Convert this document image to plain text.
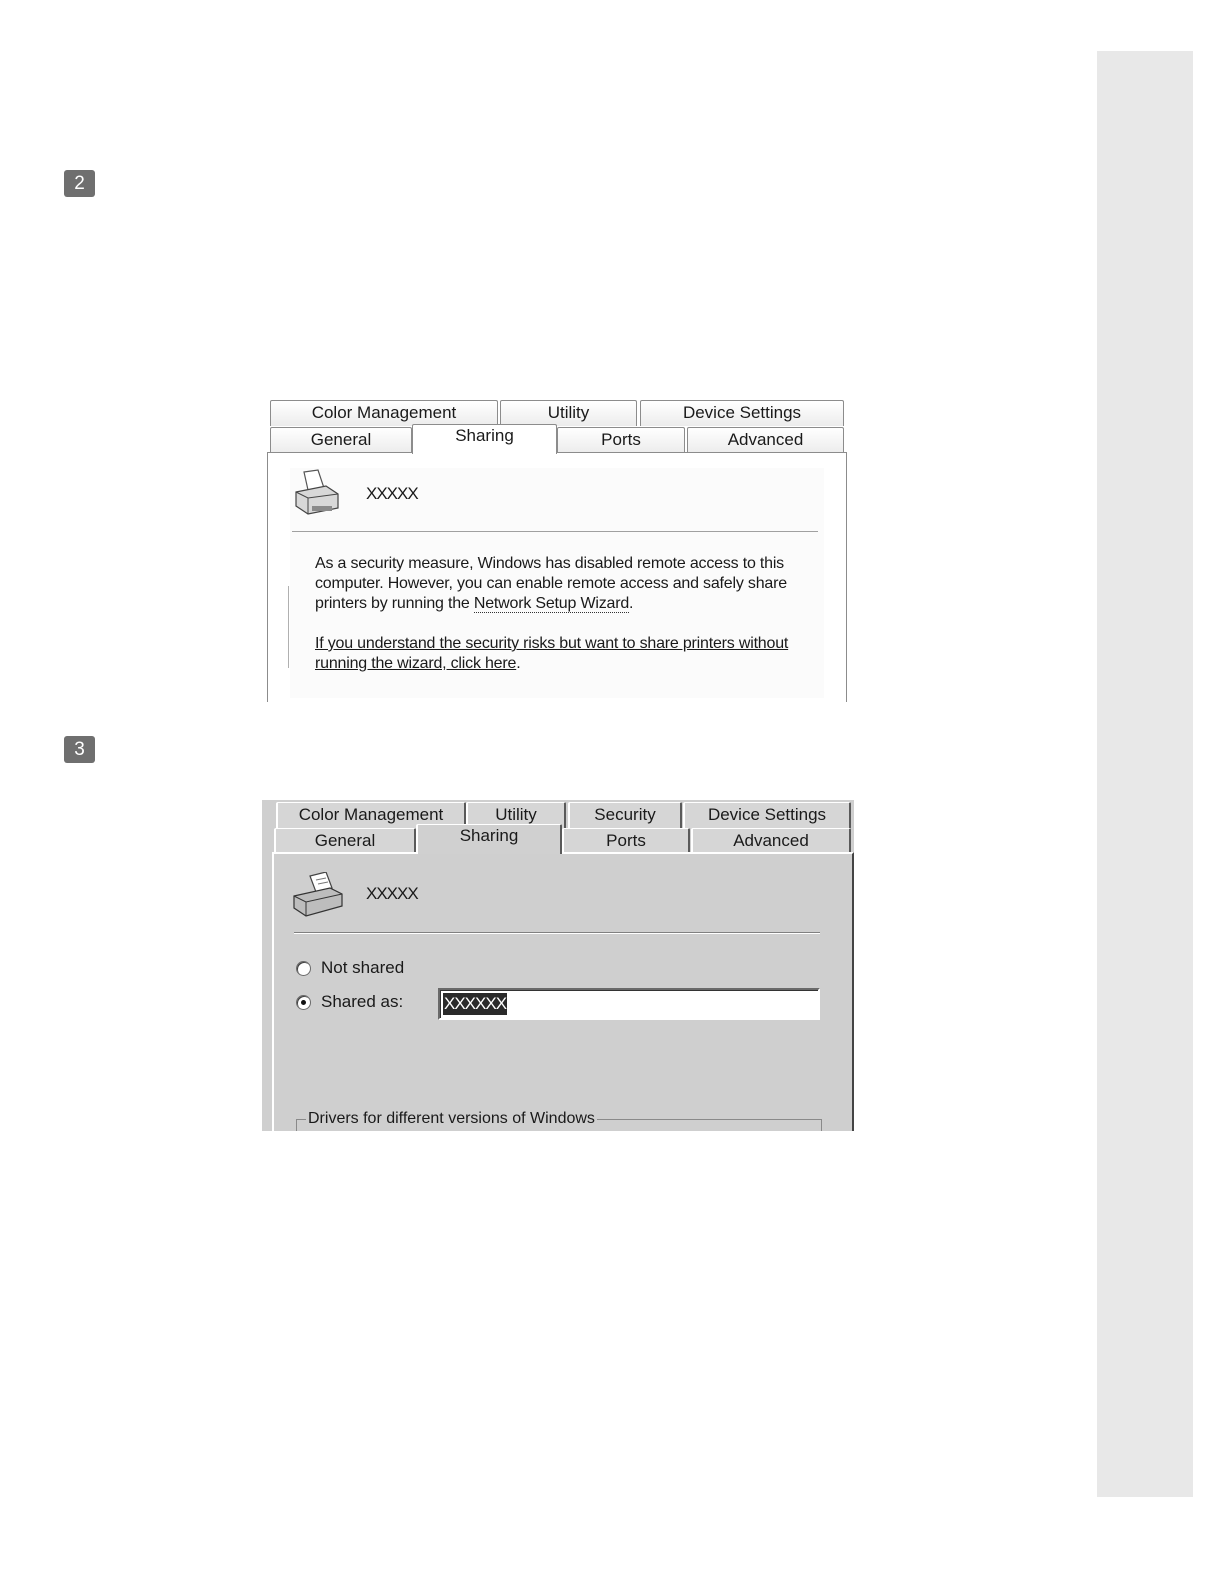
2
3
Color Management	Utility	Device Settings
General	Sharing	Ports	Advanced
XXXXX
As a security measure, Windows has disabled remote access to this computer. However, you can enable remote access and safely share printers by running the Network Setup Wizard.
If you understand the security risks but want to share printers without running the wizard, click here.
Color Management	Utility	Security	Device Settings
General	Sharing	Ports	Advanced
XXXXX
Not shared
Shared as: XXXXXX
Drivers for different versions of Windows
